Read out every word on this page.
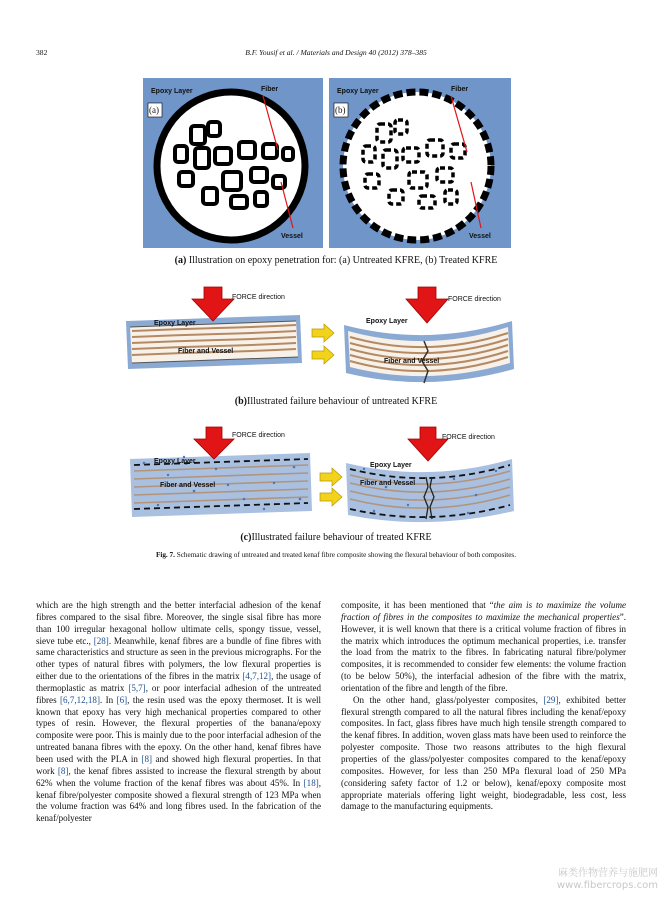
382	B.F. Yousif et al. / Materials and Design 40 (2012) 378–385
(a)
Epoxy Layer	Fiber
Vessel
(b)
Epoxy Layer	Fiber
Vessel
(a) Illustration on epoxy penetration for: (a) Untreated KFRE, (b) Treated KFRE
FORCE direction
Epoxy Layer
Fiber and Vessel
FORCE direction
Epoxy Layer
Fiber and Vessel
(b)Illustrated failure behaviour of untreated KFRE
FORCE direction
Epoxy Layer
Fiber and Vessel
FORCE direction
Epoxy Layer
Fiber and Vessel
(c)Illustrated failure behaviour of treated KFRE
Fig. 7. Schematic drawing of untreated and treated kenaf fibre composite showing the flexural behaviour of both composites.

which are the high strength and the better interfacial adhesion of the kenaf fibres compared to the sisal fibre. Moreover, the single sisal fibre has more than 100 irregular hexagonal hollow ultimate cells, spongy tissue, vessel, sieve tube etc., [28]. Meanwhile, kenaf fibres are a bundle of fine fibres with same characteristics and structure as seen in the previous micrographs. For the other types of natural fibres with polymers, the low flexural properties is either due to the orientations of the fibres in the matrix [4,7,12], the usage of thermoplastic as matrix [5,7], or poor interfacial adhesion of the untreated fibres [6,7,12,18]. In [6], the resin used was the epoxy thermoset. It is well known that epoxy has very high mechanical properties compared to other types of resin. However, the flexural properties of the banana/epoxy composite were poor. This is mainly due to the poor interfacial adhesion of the untreated banana fibres with the epoxy. On the other hand, kenaf fibres have been used with the PLA in [8] and showed high flexural properties. In that work [8], the kenaf fibres assisted to increase the flexural strength by about 62% when the volume fraction of the kenaf fibres was about 45%. In [18], kenaf fibre/polyester composite showed a flexural strength of 123 MPa when the volume fraction was 64% and long fibres used. In the fabrication of the kenaf/polyester

composite, it has been mentioned that “the aim is to maximize the volume fraction of fibres in the composites to maximize the mechanical properties”. However, it is well known that there is a critical volume fraction of fibres in the matrix which introduces the optimum mechanical properties, i.e. transfer the load from the matrix to the fibres. In fabricating natural fibre/polymer composites, it is recommended to consider few elements: the volume fraction (to be below 50%), the interfacial adhesion of the fibre with the matrix, orientation of the fibre and length of the fibre.

On the other hand, glass/polyester composites, [29], exhibited better flexural strength compared to all the natural fibres including the kenaf/epoxy composites. In fact, glass fibres have much high tensile strength compared to the kenaf fibres. In addition, woven glass mats have been used to reinforce the polyester composite. Those two reasons attributes to the high flexural properties of the glass/polyester composites compared to the kenaf/epoxy composites. However, for less than 250 MPa flexural load of 250 MPa (considering safety factor of 1.2 or below), kenaf/epoxy composite most appropriate materials offering light weight, biodegradable, less cost, less damage to the manufacturing equipments.

麻类作物营养与施肥网
www.fibercrops.com
